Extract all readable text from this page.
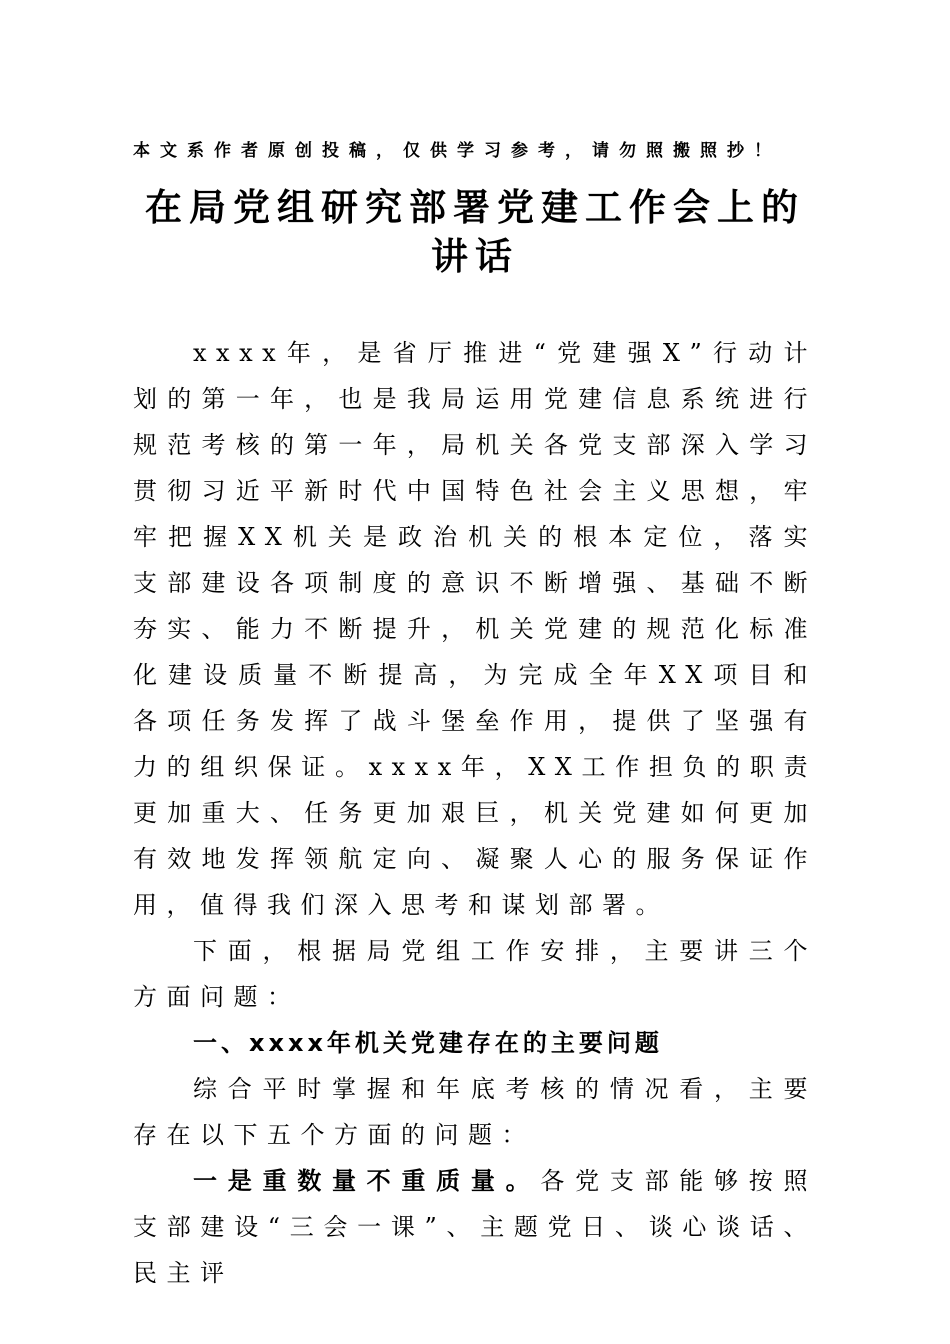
本文系作者原创投稿，仅供学习参考，请勿照搬照抄！
在局党组研究部署党建工作会上的讲话

xxxx年，是省厅推进“党建强X”行动计划的第一年，也是我局运用党建信息系统进行规范考核的第一年，局机关各党支部深入学习贯彻习近平新时代中国特色社会主义思想，牢牢把握XX机关是政治机关的根本定位，落实支部建设各项制度的意识不断增强、基础不断夯实、能力不断提升，机关党建的规范化标准化建设质量不断提高，为完成全年XX项目和各项任务发挥了战斗堡垒作用，提供了坚强有力的组织保证。xxxx年，XX工作担负的职责更加重大、任务更加艰巨，机关党建如何更加有效地发挥领航定向、凝聚人心的服务保证作用，值得我们深入思考和谋划部署。

下面，根据局党组工作安排，主要讲三个方面问题：

一、xxxx年机关党建存在的主要问题

综合平时掌握和年底考核的情况看，主要存在以下五个方面的问题：

一是重数量不重质量。各党支部能够按照支部建设“三会一课”、主题党日、谈心谈话、民主评
